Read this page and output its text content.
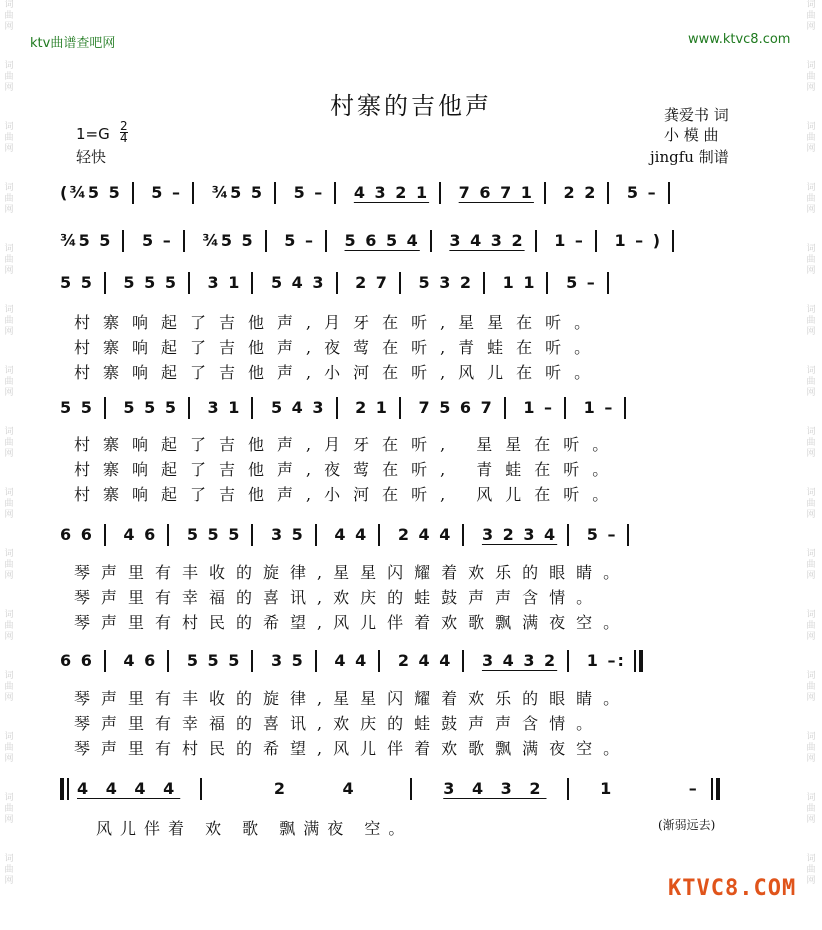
词曲网
词曲网
词曲网
词曲网
词曲网
词曲网
词曲网
词曲网
词曲网
词曲网
词曲网
词曲网
词曲网
词曲网
词曲网
词曲网
词曲网
词曲网
词曲网
词曲网
词曲网
词曲网
词曲网
词曲网
词曲网
词曲网
词曲网
词曲网
词曲网
词曲网
ktv曲谱查吧网	www.ktvc8.com
村寨的吉他声	龚爱书 词
小 模 曲
jingfu 制谱
$1=G \frac{2}{4}$
轻快
(¾5 5 5 – ¾5 5 5 – 4 3 2 1 7 6 7 1 2 2 5 –
¾5 5 5 – ¾5 5 5 – 5 6 5 4 3 4 3 2 1 – 1 – )
5 5 5 5 5 3 1 5 4 3 2 7 5 3 2 1 1 5 –
村寨响起了吉他声,月牙在听,星星在听。
村寨响起了吉他声,夜莺在听,青蛙在听。
村寨响起了吉他声,小河在听,风儿在听。
5 5 5 5 5 3 1 5 4 3 2 1 7 5 6 7 1 – 1 –
村寨响起了吉他声,月牙在听, 星星在听。
村寨响起了吉他声,夜莺在听, 青蛙在听。
村寨响起了吉他声,小河在听, 风儿在听。
6 6 4 6 5 5 5 3 5 4 4 2 4 4 3 2 3 4 5 –
琴声里有丰收的旋律,星星闪耀着欢乐的眼睛。
琴声里有幸福的喜讯,欢庆的蛙鼓声声含情。
琴声里有村民的希望,风儿伴着欢歌飘满夜空。
6 6 4 6 5 5 5 3 5 4 4 2 4 4 3 4 3 2 1 –:
琴声里有丰收的旋律,星星闪耀着欢乐的眼睛。
琴声里有幸福的喜讯,欢庆的蛙鼓声声含情。
琴声里有村民的希望,风儿伴着欢歌飘满夜空。
4 4 4 4	2 4	3 4 3 2	1 –
风儿伴着 欢 歌 飘满夜 空。	(渐弱远去)
KTVC8.COM
